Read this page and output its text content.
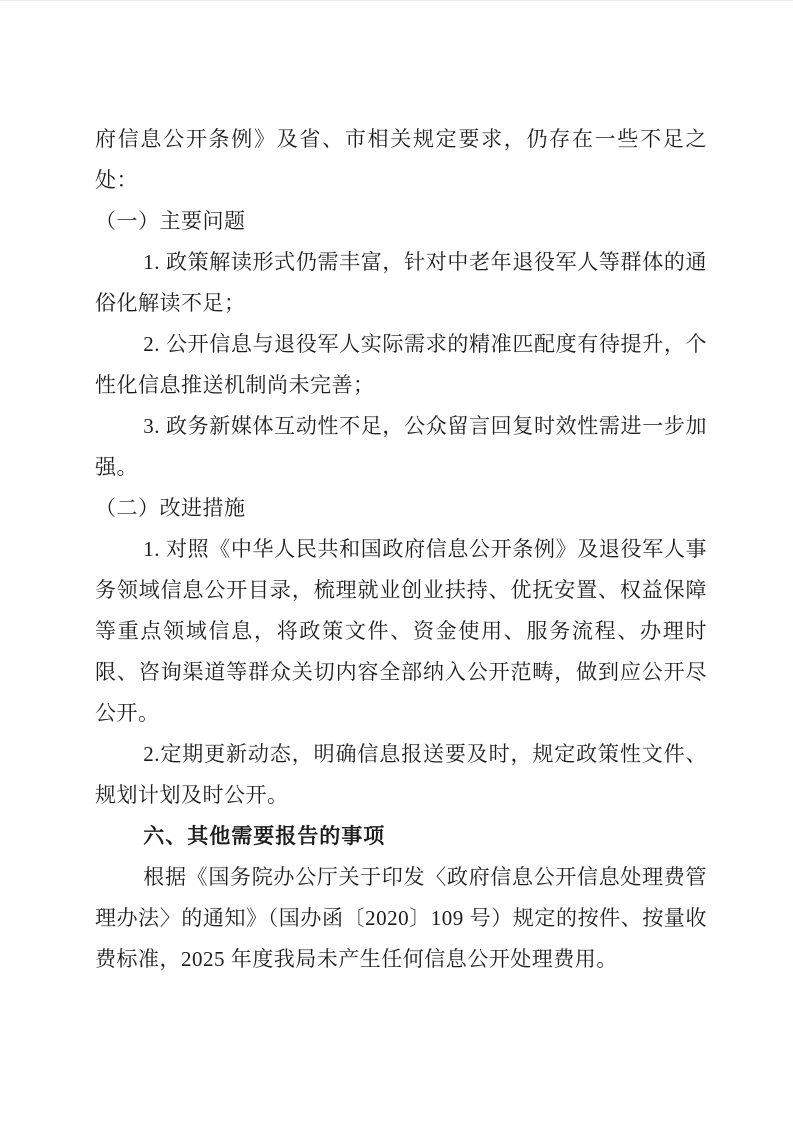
府信息公开条例》及省、市相关规定要求，仍存在一些不足之处：

（一）主要问题

1. 政策解读形式仍需丰富，针对中老年退役军人等群体的通俗化解读不足；

2. 公开信息与退役军人实际需求的精准匹配度有待提升，个性化信息推送机制尚未完善；

3. 政务新媒体互动性不足，公众留言回复时效性需进一步加强。

（二）改进措施

1. 对照《中华人民共和国政府信息公开条例》及退役军人事务领域信息公开目录，梳理就业创业扶持、优抚安置、权益保障等重点领域信息，将政策文件、资金使用、服务流程、办理时限、咨询渠道等群众关切内容全部纳入公开范畴，做到应公开尽公开。

2.定期更新动态，明确信息报送要及时，规定政策性文件、规划计划及时公开。

六、其他需要报告的事项

根据《国务院办公厅关于印发〈政府信息公开信息处理费管理办法〉的通知》（国办函〔2020〕109 号）规定的按件、按量收费标准，2025 年度我局未产生任何信息公开处理费用。
